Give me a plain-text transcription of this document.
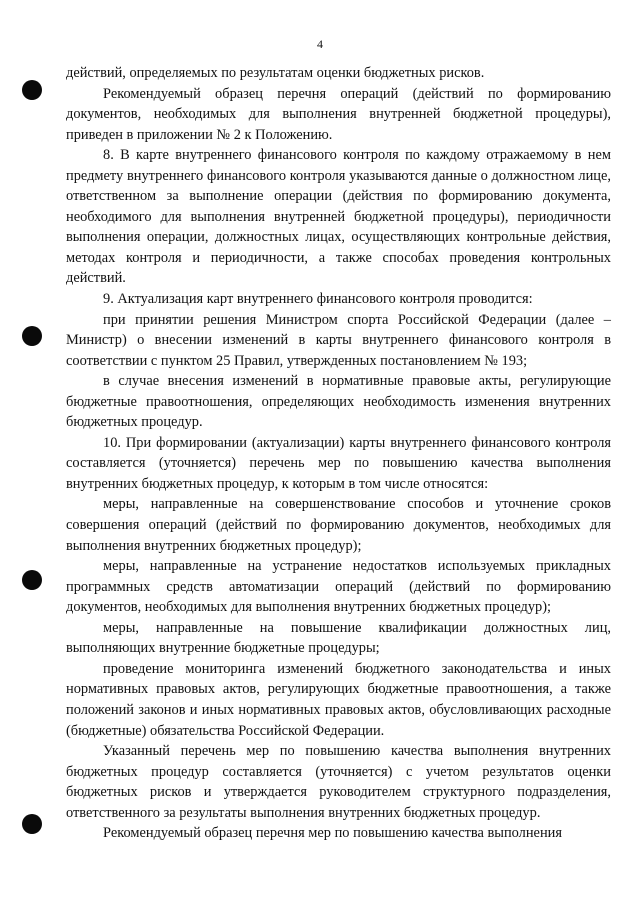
4

действий, определяемых по результатам оценки бюджетных рисков.

Рекомендуемый образец перечня операций (действий по формированию документов, необходимых для выполнения внутренней бюджетной процедуры), приведен в приложении № 2 к Положению.

8. В карте внутреннего финансового контроля по каждому отражаемому в нем предмету внутреннего финансового контроля указываются данные о должностном лице, ответственном за выполнение операции (действия по формированию документа, необходимого для выполнения внутренней бюджетной процедуры), периодичности выполнения операции, должностных лицах, осуществляющих контрольные действия, методах контроля и периодичности, а также способах проведения контрольных действий.

9. Актуализация карт внутреннего финансового контроля проводится:

при принятии решения Министром спорта Российской Федерации (далее – Министр) о внесении изменений в карты внутреннего финансового контроля в соответствии с пунктом 25 Правил, утвержденных постановлением № 193;

в случае внесения изменений в нормативные правовые акты, регулирующие бюджетные правоотношения, определяющих необходимость изменения внутренних бюджетных процедур.

10. При формировании (актуализации) карты внутреннего финансового контроля составляется (уточняется) перечень мер по повышению качества выполнения внутренних бюджетных процедур, к которым в том числе относятся:

меры, направленные на совершенствование способов и уточнение сроков совершения операций (действий по формированию документов, необходимых для выполнения внутренних бюджетных процедур);

меры, направленные на устранение недостатков используемых прикладных программных средств автоматизации операций (действий по формированию документов, необходимых для выполнения внутренних бюджетных процедур);

меры, направленные на повышение квалификации должностных лиц, выполняющих внутренние бюджетные процедуры;

проведение мониторинга изменений бюджетного законодательства и иных нормативных правовых актов, регулирующих бюджетные правоотношения, а также положений законов и иных нормативных правовых актов, обусловливающих расходные (бюджетные) обязательства Российской Федерации.

Указанный перечень мер по повышению качества выполнения внутренних бюджетных процедур составляется (уточняется) с учетом результатов оценки бюджетных рисков и утверждается руководителем структурного подразделения, ответственного за результаты выполнения внутренних бюджетных процедур.

Рекомендуемый образец перечня мер по повышению качества выполнения
